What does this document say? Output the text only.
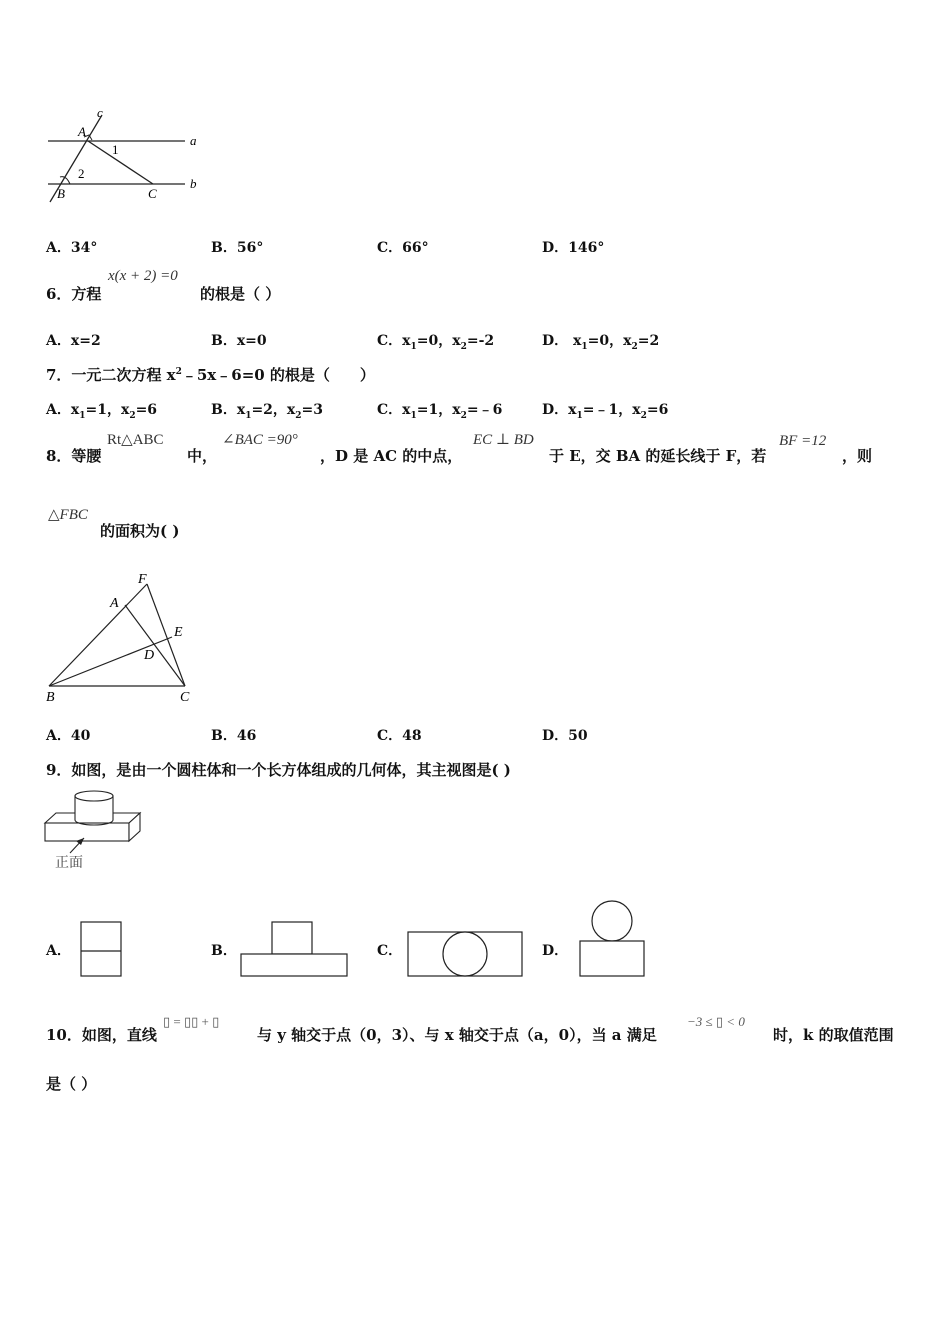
c
A
1
a
2
B	C
b
A．34°	B．56°	C．66°	D．146°
6．方程
x(x + 2) =0
的根是（ ）
A．x=2	B．x=0	C．$x_1=0$，$x_2=-2$	D． $x_1=0$，$x_2=2$
7．一元二次方程 $x^2﹣5x﹣6=0$ 的根是（　　）
A．$x_1=1$，$x_2=6$	B．$x_1=2$，$x_2=3$	C．$x_1=1$，$x_2=﹣6$	D．$x_1=﹣1$，$x_2=6$
8．等腰
Rt△ABC
中，
∠BAC =90°
，D 是 AC 的中点，
EC ⊥ BD
于 E，交 BA 的延长线于 F，若
BF =12
，则
△FBC
的面积为( )
F
A
E
D
B	C
A．40	B．46	C．48	D．50
9．如图，是由一个圆柱体和一个长方体组成的几何体，其主视图是( )
正面
A．	B．	C．	D．
10．如图，直线
▯ = ▯▯ + ▯
与 y 轴交于点（0，3）、与 x 轴交于点（a，0），当 a 满足
−3 ≤ ▯ < 0
时，k 的取值范围
是（ ）
